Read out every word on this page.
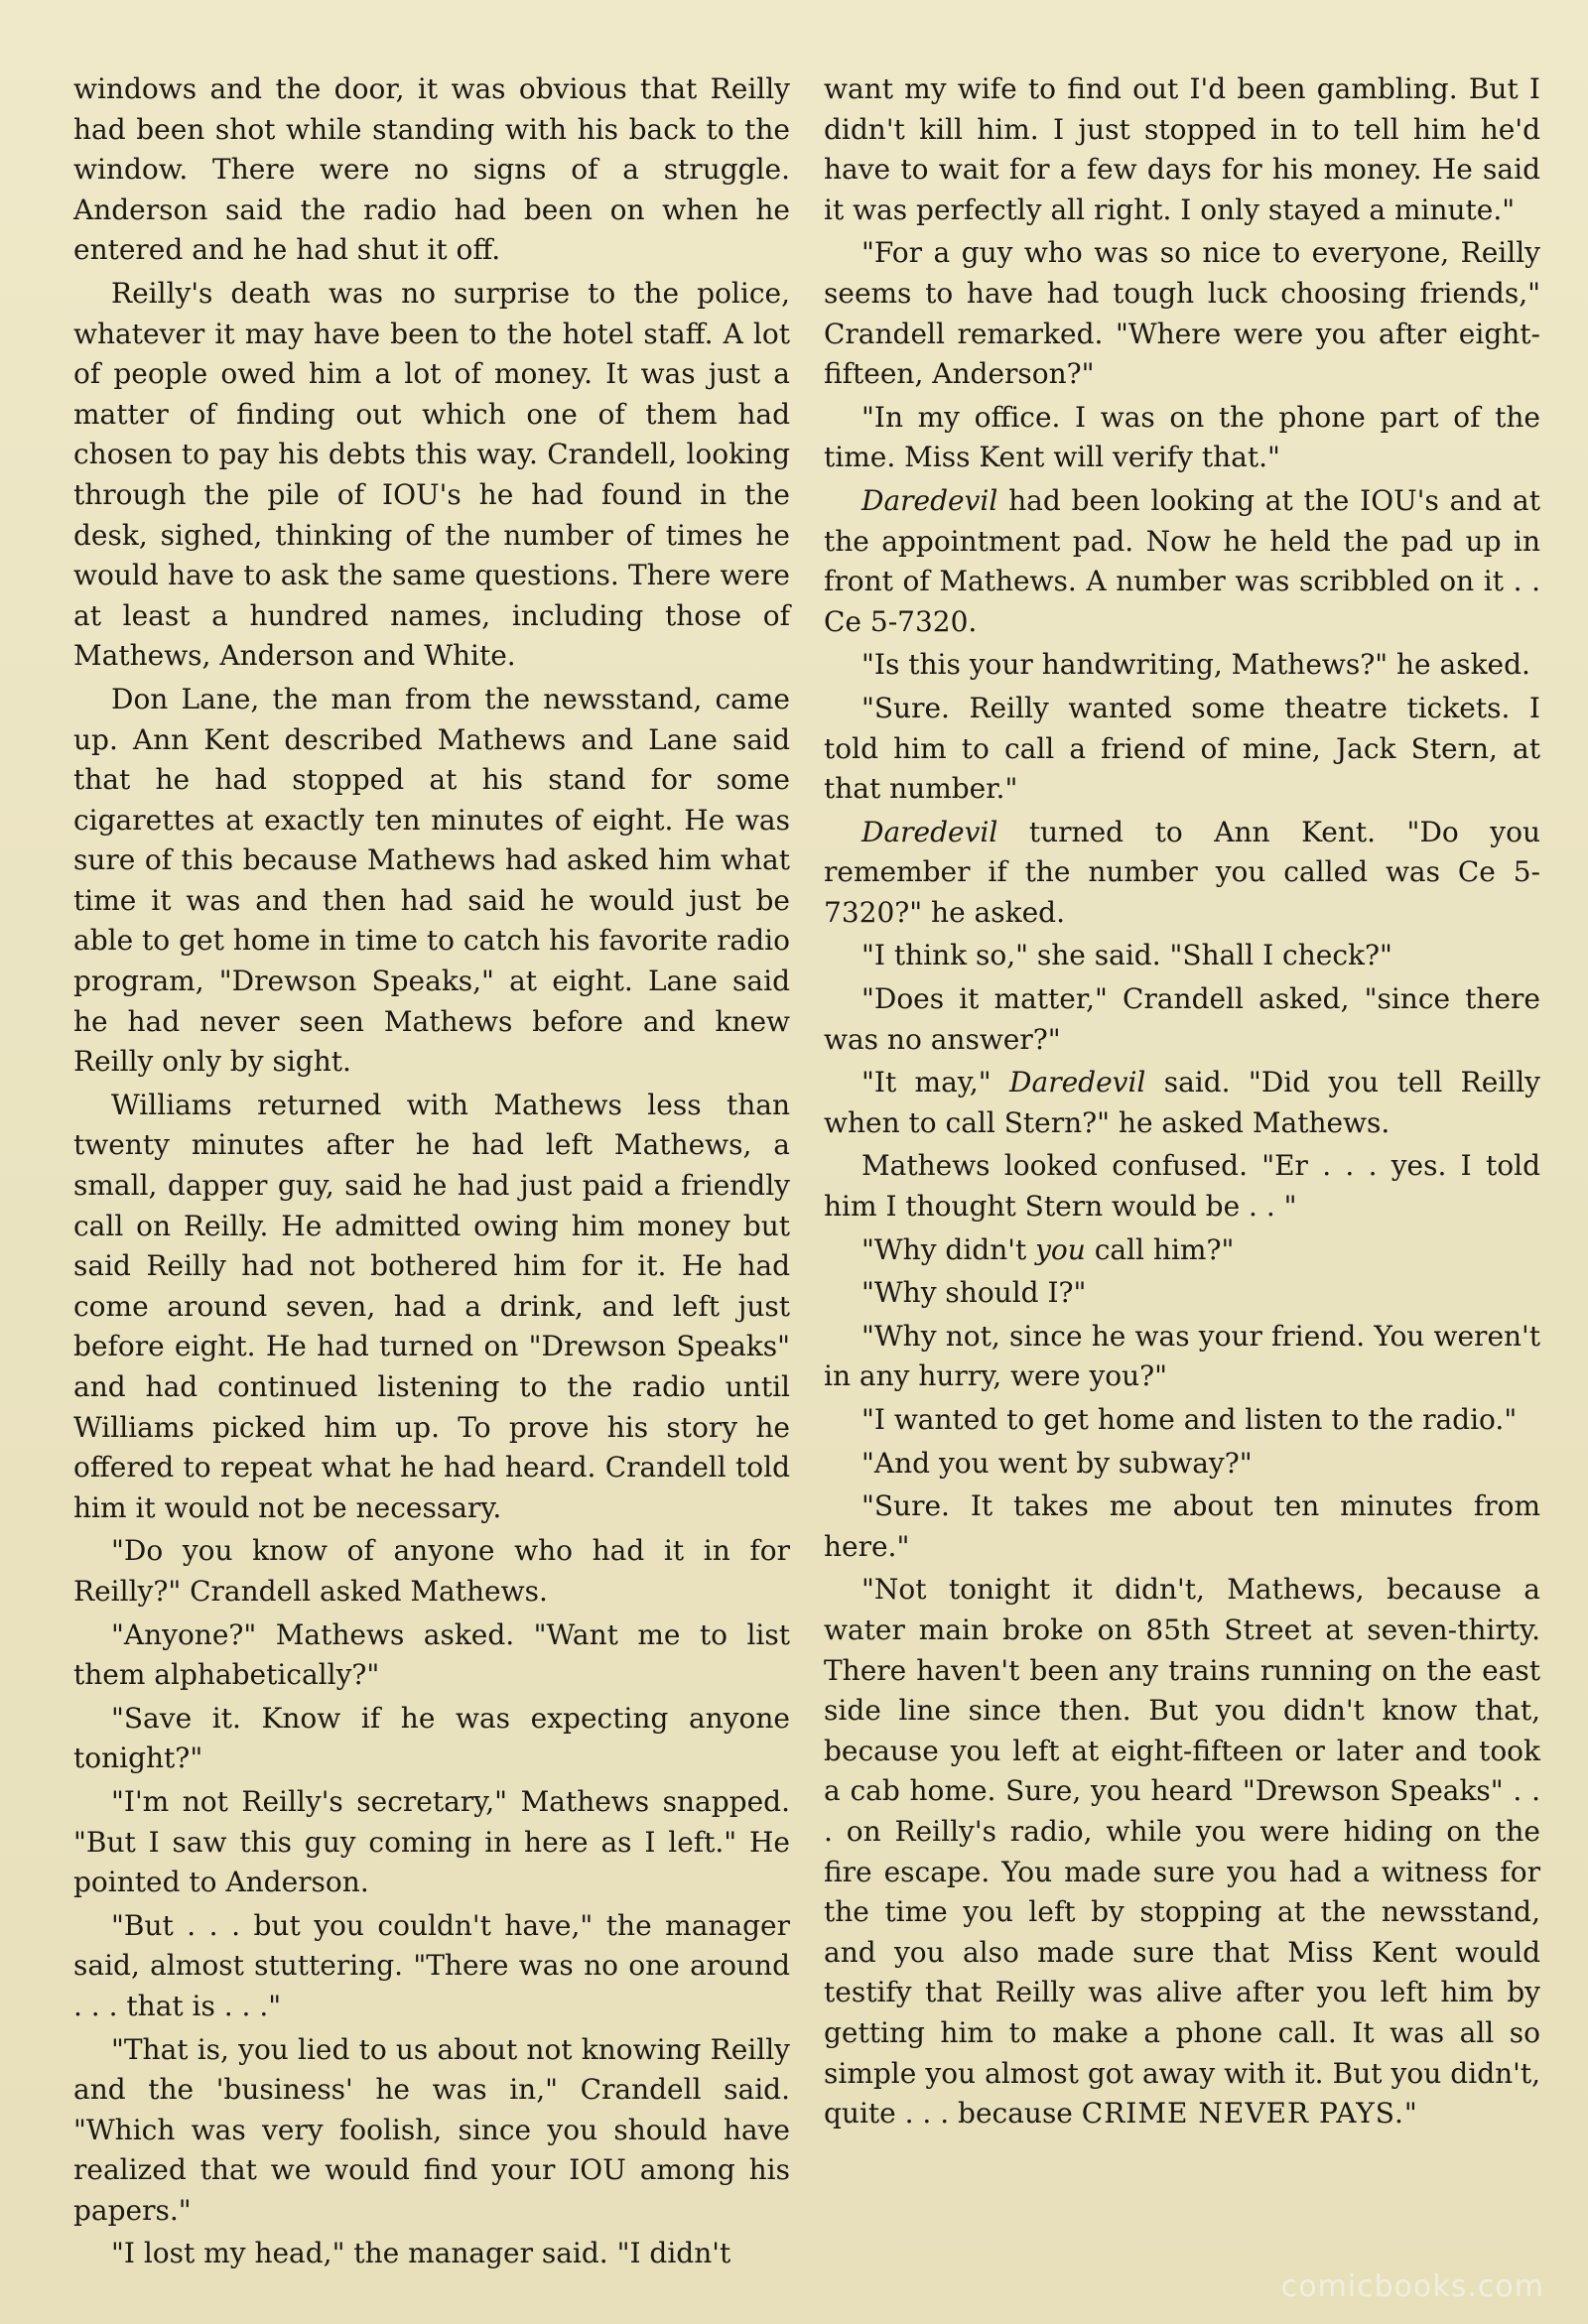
windows and the door, it was obvious that Reilly had been shot while standing with his back to the window. There were no signs of a struggle. Anderson said the radio had been on when he entered and he had shut it off.

Reilly's death was no surprise to the police, whatever it may have been to the hotel staff. A lot of people owed him a lot of money. It was just a matter of finding out which one of them had chosen to pay his debts this way. Crandell, looking through the pile of IOU's he had found in the desk, sighed, thinking of the number of times he would have to ask the same questions. There were at least a hundred names, including those of Mathews, Anderson and White.

Don Lane, the man from the newsstand, came up. Ann Kent described Mathews and Lane said that he had stopped at his stand for some cigarettes at exactly ten minutes of eight. He was sure of this because Mathews had asked him what time it was and then had said he would just be able to get home in time to catch his favorite radio program, "Drewson Speaks," at eight. Lane said he had never seen Mathews before and knew Reilly only by sight.

Williams returned with Mathews less than twenty minutes after he had left Mathews, a small, dapper guy, said he had just paid a friendly call on Reilly. He admitted owing him money but said Reilly had not bothered him for it. He had come around seven, had a drink, and left just before eight. He had turned on "Drewson Speaks" and had continued listening to the radio until Williams picked him up. To prove his story he offered to repeat what he had heard. Crandell told him it would not be necessary.

"Do you know of anyone who had it in for Reilly?" Crandell asked Mathews.

"Anyone?" Mathews asked. "Want me to list them alphabetically?"

"Save it. Know if he was expecting anyone tonight?"

"I'm not Reilly's secretary," Mathews snapped. "But I saw this guy coming in here as I left." He pointed to Anderson.

"But . . . but you couldn't have," the manager said, almost stuttering. "There was no one around . . . that is . . ."

"That is, you lied to us about not knowing Reilly and the 'business' he was in," Crandell said. "Which was very foolish, since you should have realized that we would find your IOU among his papers."

"I lost my head," the manager said. "I didn't

want my wife to find out I'd been gambling. But I didn't kill him. I just stopped in to tell him he'd have to wait for a few days for his money. He said it was perfectly all right. I only stayed a minute."

"For a guy who was so nice to everyone, Reilly seems to have had tough luck choosing friends," Crandell remarked. "Where were you after eight-fifteen, Anderson?"

"In my office. I was on the phone part of the time. Miss Kent will verify that."

Daredevil had been looking at the IOU's and at the appointment pad. Now he held the pad up in front of Mathews. A number was scribbled on it . . Ce 5-7320.

"Is this your handwriting, Mathews?" he asked.

"Sure. Reilly wanted some theatre tickets. I told him to call a friend of mine, Jack Stern, at that number."

Daredevil turned to Ann Kent. "Do you remember if the number you called was Ce 5-7320?" he asked.

"I think so," she said. "Shall I check?"

"Does it matter," Crandell asked, "since there was no answer?"

"It may," Daredevil said. "Did you tell Reilly when to call Stern?" he asked Mathews.

Mathews looked confused. "Er . . . yes. I told him I thought Stern would be . . "

"Why didn't you call him?"

"Why should I?"

"Why not, since he was your friend. You weren't in any hurry, were you?"

"I wanted to get home and listen to the radio."

"And you went by subway?"

"Sure. It takes me about ten minutes from here."

"Not tonight it didn't, Mathews, because a water main broke on 85th Street at seven-thirty. There haven't been any trains running on the east side line since then. But you didn't know that, because you left at eight-fifteen or later and took a cab home. Sure, you heard "Drewson Speaks" . . . on Reilly's radio, while you were hiding on the fire escape. You made sure you had a witness for the time you left by stopping at the newsstand, and you also made sure that Miss Kent would testify that Reilly was alive after you left him by getting him to make a phone call. It was all so simple you almost got away with it. But you didn't, quite . . . because CRIME NEVER PAYS."

comicbooks.com
